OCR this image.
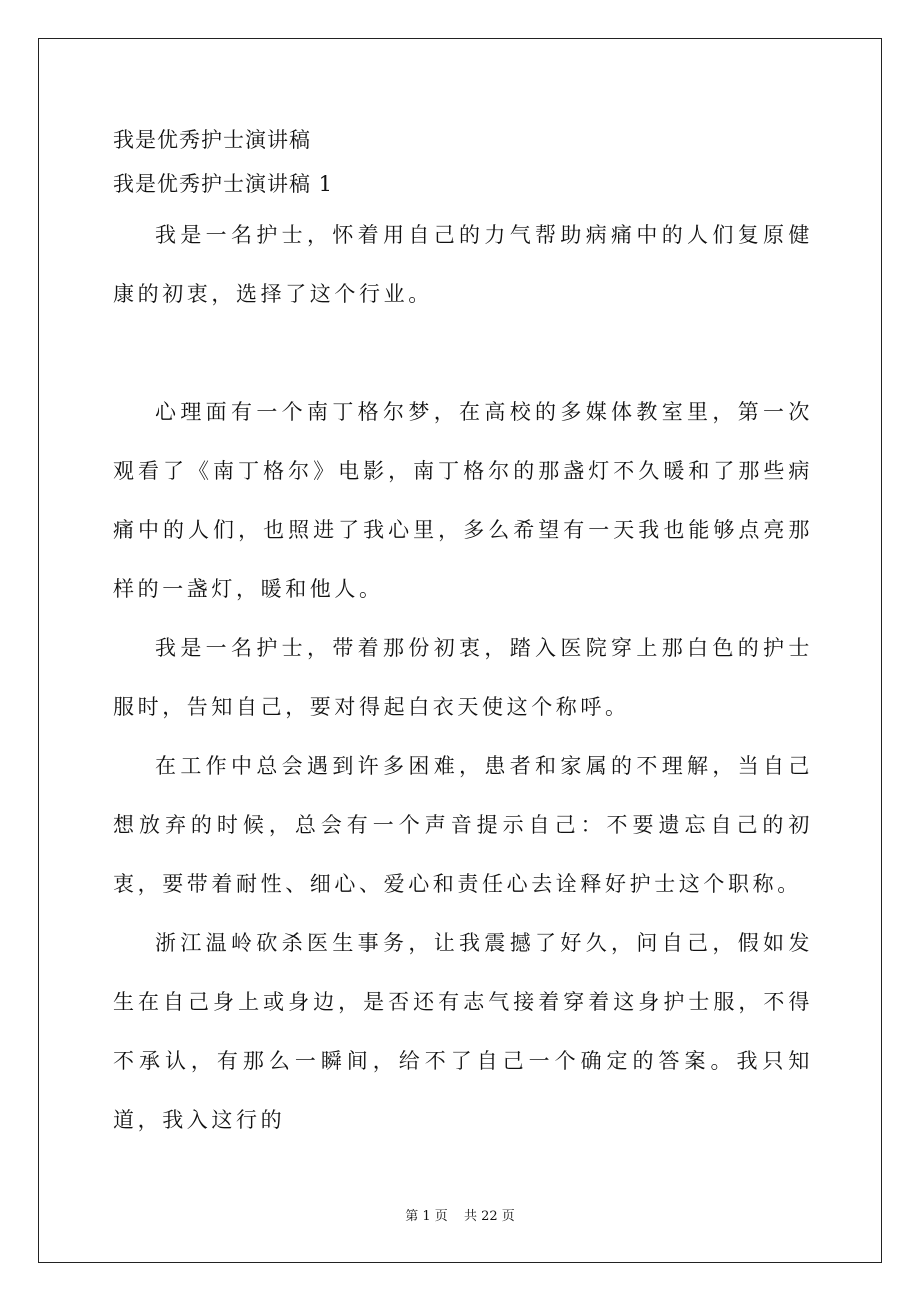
我是优秀护士演讲稿

我是优秀护士演讲稿 1

我是一名护士，怀着用自己的力气帮助病痛中的人们复原健康的初衷，选择了这个行业。

心理面有一个南丁格尔梦，在高校的多媒体教室里，第一次观看了《南丁格尔》电影，南丁格尔的那盏灯不久暖和了那些病痛中的人们，也照进了我心里，多么希望有一天我也能够点亮那样的一盏灯，暖和他人。

我是一名护士，带着那份初衷，踏入医院穿上那白色的护士服时，告知自己，要对得起白衣天使这个称呼。

在工作中总会遇到许多困难，患者和家属的不理解，当自己想放弃的时候，总会有一个声音提示自己：不要遗忘自己的初衷，要带着耐性、细心、爱心和责任心去诠释好护士这个职称。

浙江温岭砍杀医生事务，让我震撼了好久，问自己，假如发生在自己身上或身边，是否还有志气接着穿着这身护士服，不得不承认，有那么一瞬间，给不了自己一个确定的答案。我只知道，我入这行的

第 1 页 共 22 页
